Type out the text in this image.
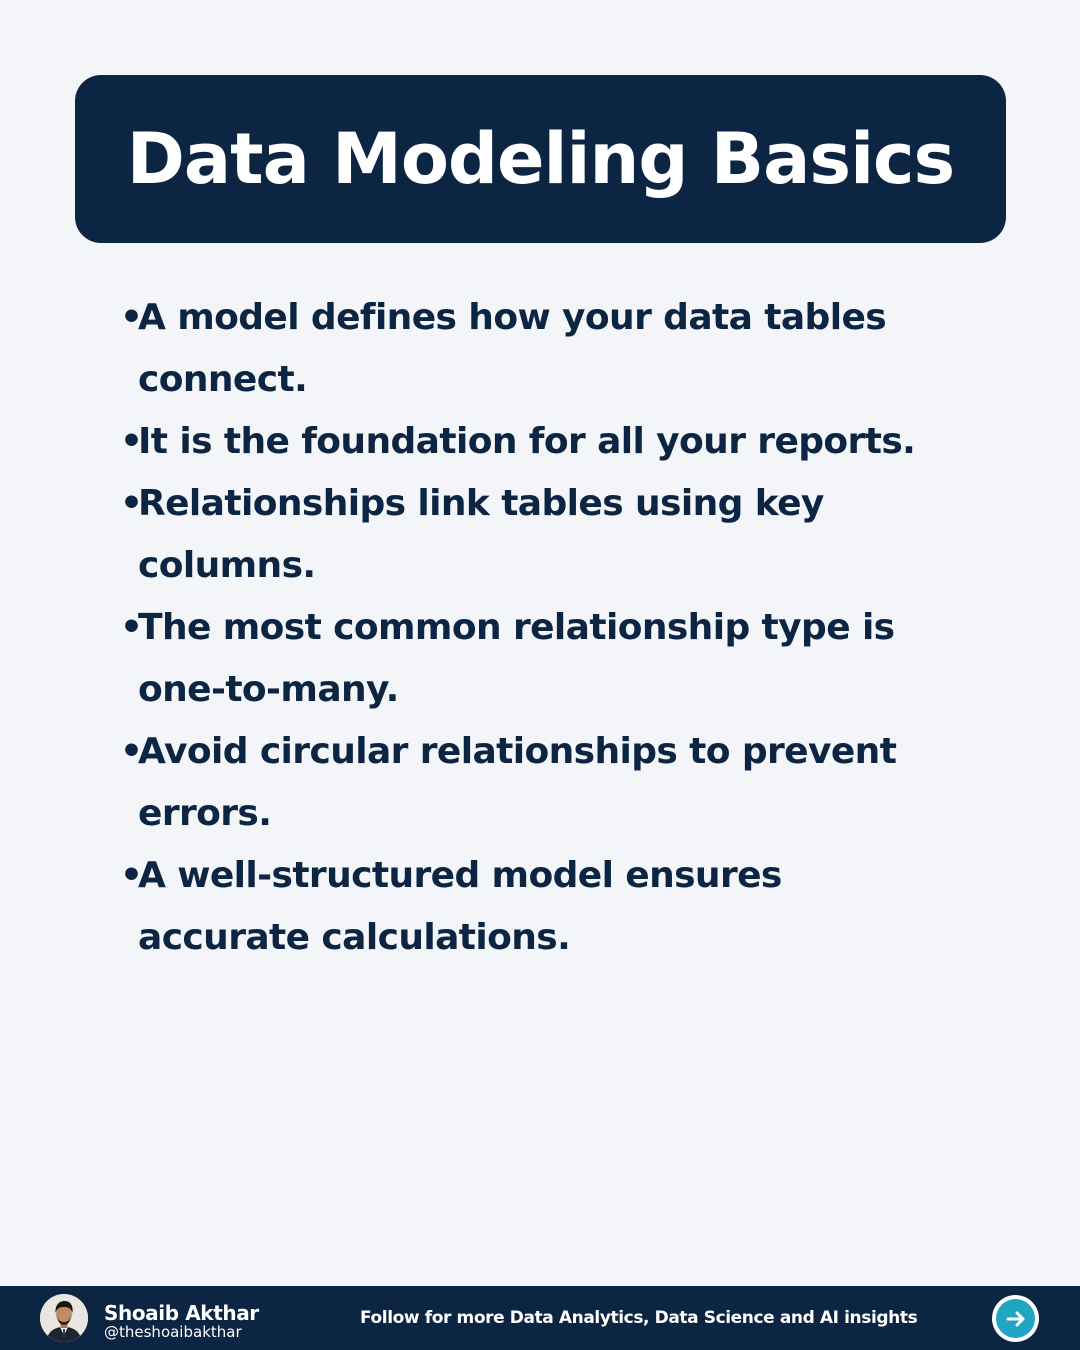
Data Modeling Basics
•
A model defines how your data tables connect.
•
It is the foundation for all your reports.
•
Relationships link tables using key columns.
•
The most common relationship type is one-to-many.
•
Avoid circular relationships to prevent errors.
•
A well-structured model ensures accurate calculations.
Shoaib Akthar
@theshoaibakthar
Follow for more Data Analytics, Data Science and AI insights
